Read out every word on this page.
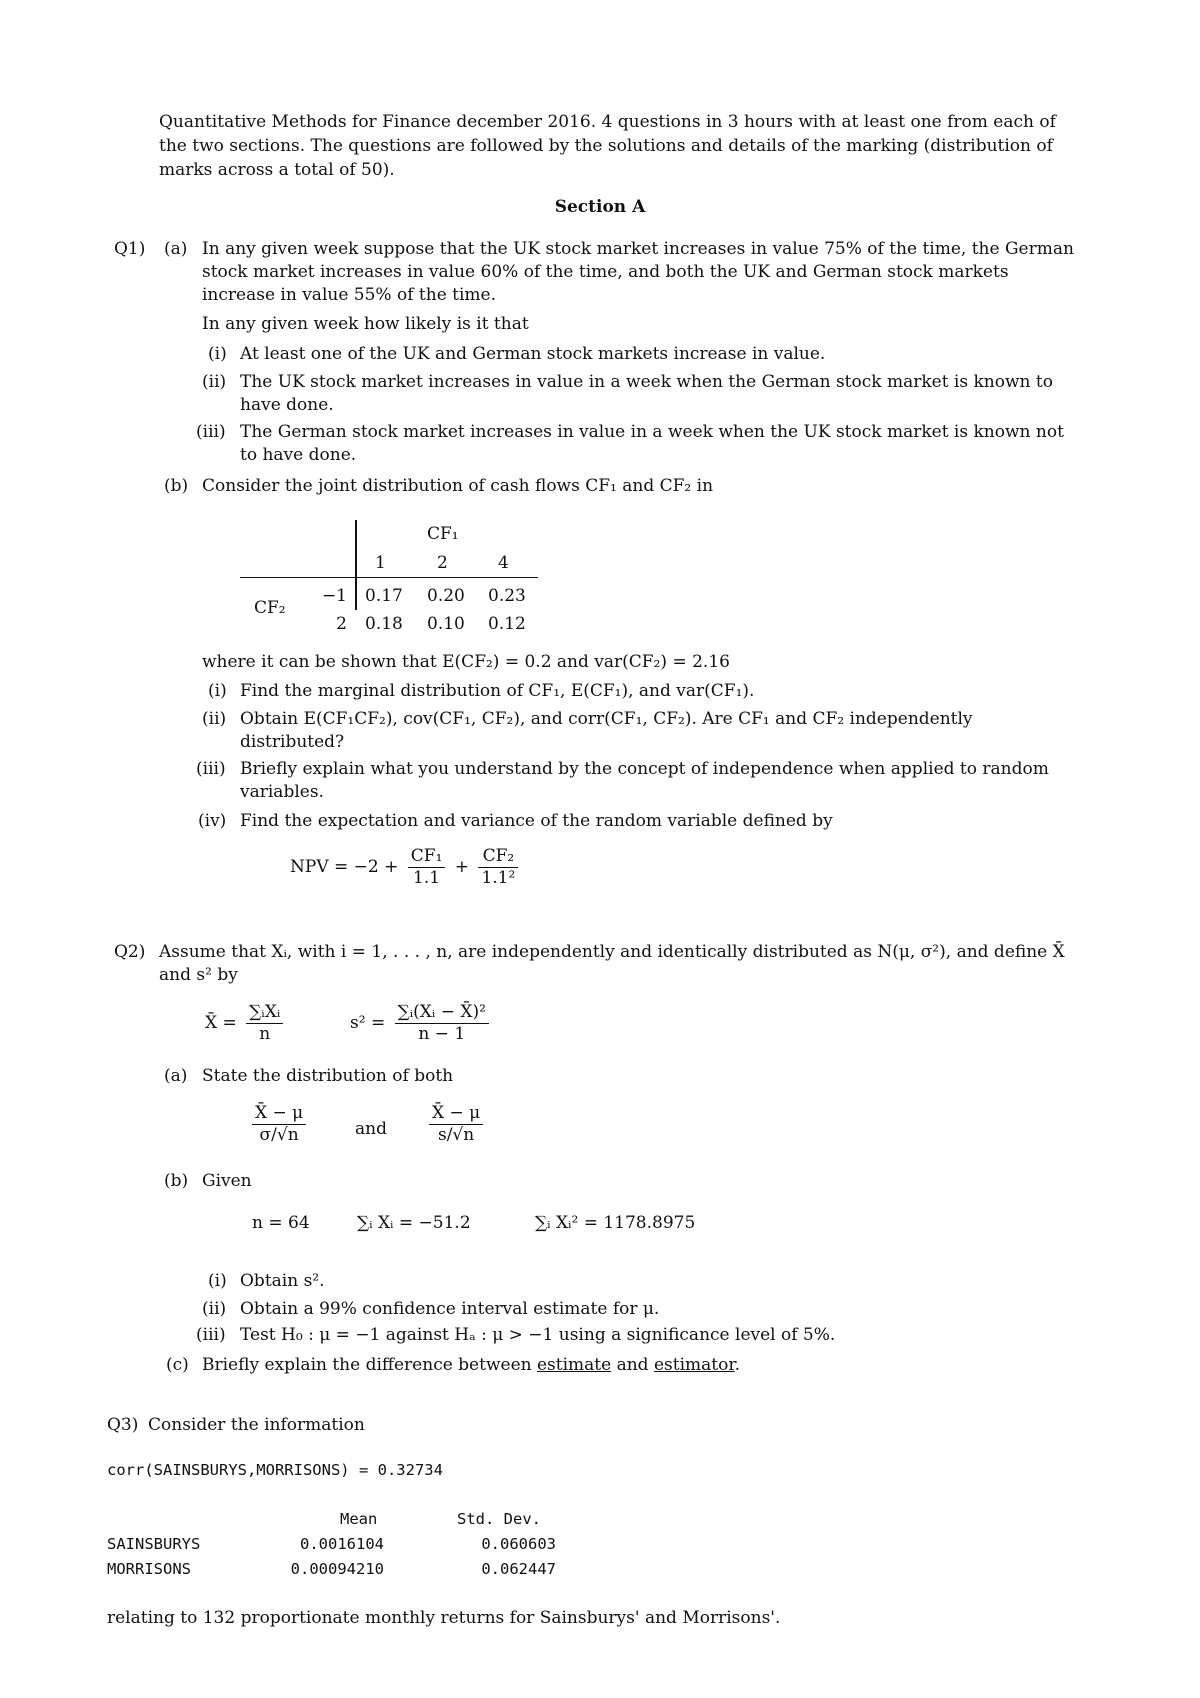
Quantitative Methods for Finance december 2016. 4 questions in 3 hours with at least one from each of the two sections. The questions are followed by the solutions and details of the marking (distribution of marks across a total of 50).
Section A
Q1) (a) In any given week suppose that the UK stock market increases in value 75% of the time, the German stock market increases in value 60% of the time, and both the UK and German stock markets increase in value 55% of the time.
In any given week how likely is it that
(i) At least one of the UK and German stock markets increase in value.
(ii) The UK stock market increases in value in a week when the German stock market is known to have done.
(iii) The German stock market increases in value in a week when the UK stock market is known not to have done.
(b) Consider the joint distribution of cash flows CF₁ and CF₂ in
CF₁
1	2	4
CF₂
−1 0.17 0.20 0.23
2 0.18 0.10 0.12
where it can be shown that E(CF₂) = 0.2 and var(CF₂) = 2.16
(i) Find the marginal distribution of CF₁, E(CF₁), and var(CF₁).
(ii) Obtain E(CF₁CF₂), cov(CF₁, CF₂), and corr(CF₁, CF₂). Are CF₁ and CF₂ independently distributed?
(iii) Briefly explain what you understand by the concept of independence when applied to random variables.
(iv) Find the expectation and variance of the random variable defined by
NPV = $-2 + \frac{\text{CF₁}}{1.1} + \frac{\text{CF₂}}{\text{1.1²}}$
Q2) Assume that Xᵢ, with i = 1, . . . , n, are independently and identically distributed as N(μ, σ²), and define X̄ and s² by
X̄ = $\frac{\text{∑ᵢXᵢ}}{n}$	$s^2 = \frac{\text{∑ᵢ(Xᵢ − X̄)²}}{n - 1}$
(a) State the distribution of both
$\frac{X̄ - \mu}{\sigma/√n}$	and $\frac{X̄ - \mu}{s/√n}$
(b) Given
n = 64	∑ᵢ Xᵢ = −51.2	∑ᵢ Xᵢ² = 1178.8975
(i) Obtain s².
(ii) Obtain a 99% confidence interval estimate for μ.
(iii) Test H₀ : μ = −1 against Hₐ : μ > −1 using a significance level of 5%.
(c) Briefly explain the difference between estimate and estimator.
Q3) Consider the information
corr(SAINSBURYS,MORRISONS) = 0.32734
Mean	Std. Dev.
SAINSBURYS	0.0016104	0.060603
MORRISONS	0.00094210	0.062447
relating to 132 proportionate monthly returns for Sainsburys' and Morrisons'.
